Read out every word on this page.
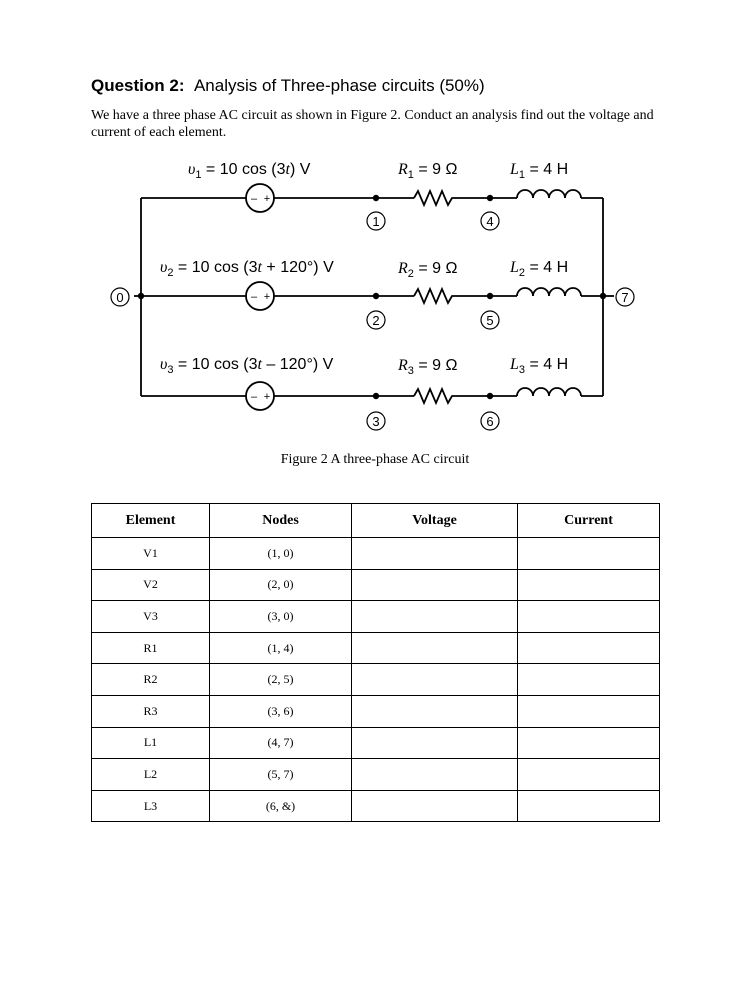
Question 2: Analysis of Three-phase circuits (50%)
We have a three phase AC circuit as shown in Figure 2. Conduct an analysis find out the voltage and current of each element.
– +
– +
– +
0
1
2
3
4
5
6
7
$\upsilon_1 = 10$ cos (3t) V
$\upsilon_2 = 10$ cos (3t + 120°) V
$\upsilon_3 = 10$ cos (3t – 120°) V
$R_1 = 9$ Ω
$R_2 = 9$ Ω
$R_3 = 9$ Ω
$L_1 = 4$ H
$L_2 = 4$ H
$L_3 = 4$ H
Figure 2 A three-phase AC circuit
Element	Nodes	Voltage	Current
V1	(1, 0)		
V2	(2, 0)		
V3	(3, 0)		
R1	(1, 4)		
R2	(2, 5)		
R3	(3, 6)		
L1	(4, 7)		
L2	(5, 7)		
L3	(6, &)		
